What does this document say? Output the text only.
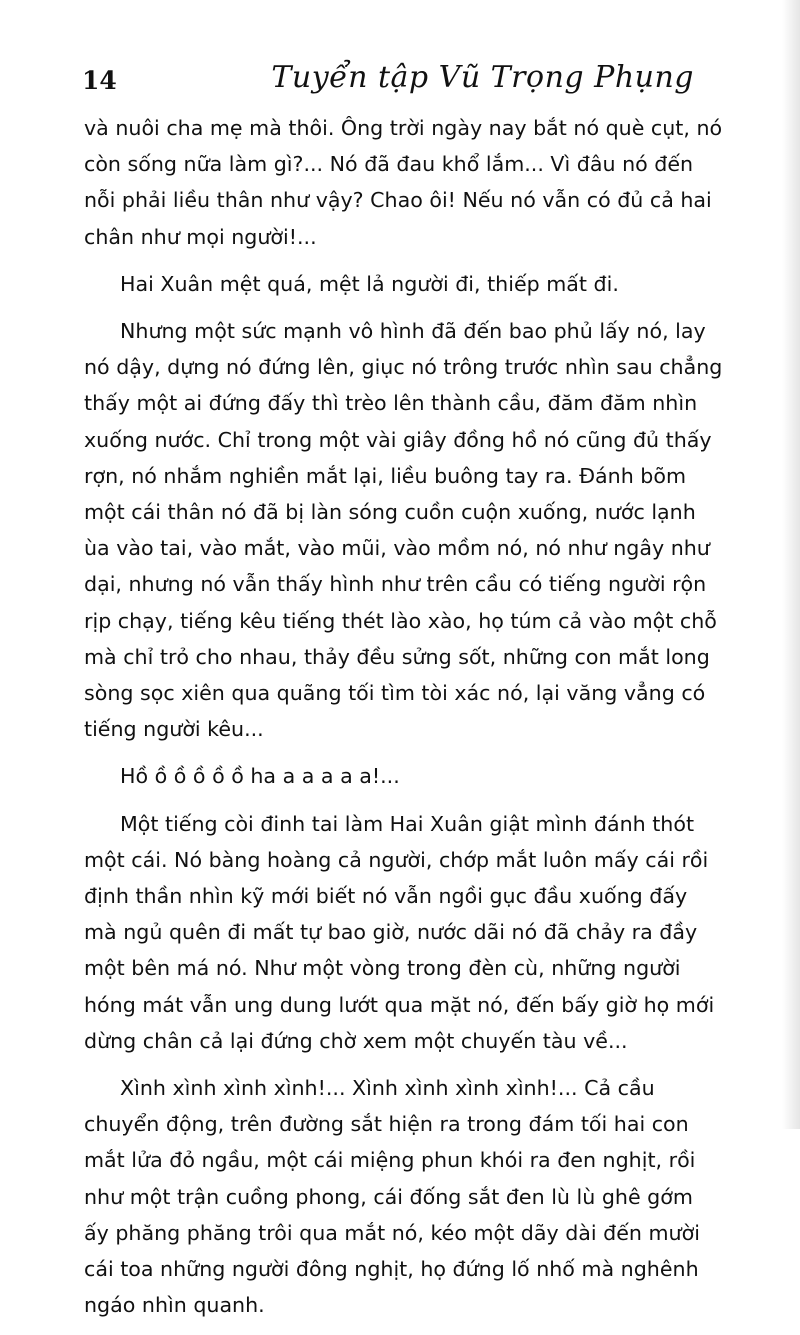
14	Tuyển tập Vũ Trọng Phụng

và nuôi cha mẹ mà thôi. Ông trời ngày nay bắt nó què cụt, nó còn sống nữa làm gì?... Nó đã đau khổ lắm... Vì đâu nó đến nỗi phải liều thân như vậy? Chao ôi! Nếu nó vẫn có đủ cả hai chân như mọi người!...

Hai Xuân mệt quá, mệt lả người đi, thiếp mất đi.

Nhưng một sức mạnh vô hình đã đến bao phủ lấy nó, lay nó dậy, dựng nó đứng lên, giục nó trông trước nhìn sau chẳng thấy một ai đứng đấy thì trèo lên thành cầu, đăm đăm nhìn xuống nước. Chỉ trong một vài giây đồng hồ nó cũng đủ thấy rợn, nó nhắm nghiền mắt lại, liều buông tay ra. Đánh bõm một cái thân nó đã bị làn sóng cuồn cuộn xuống, nước lạnh ùa vào tai, vào mắt, vào mũi, vào mồm nó, nó như ngây như dại, nhưng nó vẫn thấy hình như trên cầu có tiếng người rộn rịp chạy, tiếng kêu tiếng thét lào xào, họ túm cả vào một chỗ mà chỉ trỏ cho nhau, thảy đều sửng sốt, những con mắt long sòng sọc xiên qua quãng tối tìm tòi xác nó, lại văng vẳng có tiếng người kêu...

Hồ ồ ồ ồ ồ ồ ha a a a a a!...

Một tiếng còi đinh tai làm Hai Xuân giật mình đánh thót một cái. Nó bàng hoàng cả người, chớp mắt luôn mấy cái rồi định thần nhìn kỹ mới biết nó vẫn ngồi gục đầu xuống đấy mà ngủ quên đi mất tự bao giờ, nước dãi nó đã chảy ra đầy một bên má nó. Như một vòng trong đèn cù, những người hóng mát vẫn ung dung lướt qua mặt nó, đến bấy giờ họ mới dừng chân cả lại đứng chờ xem một chuyến tàu về...

Xình xình xình xình!... Xình xình xình xình!... Cả cầu chuyển động, trên đường sắt hiện ra trong đám tối hai con mắt lửa đỏ ngầu, một cái miệng phun khói ra đen nghịt, rồi như một trận cuồng phong, cái đống sắt đen lù lù ghê gớm ấy phăng phăng trôi qua mắt nó, kéo một dãy dài đến mười cái toa những người đông nghịt, họ đứng lố nhố mà nghênh ngáo nhìn quanh.
